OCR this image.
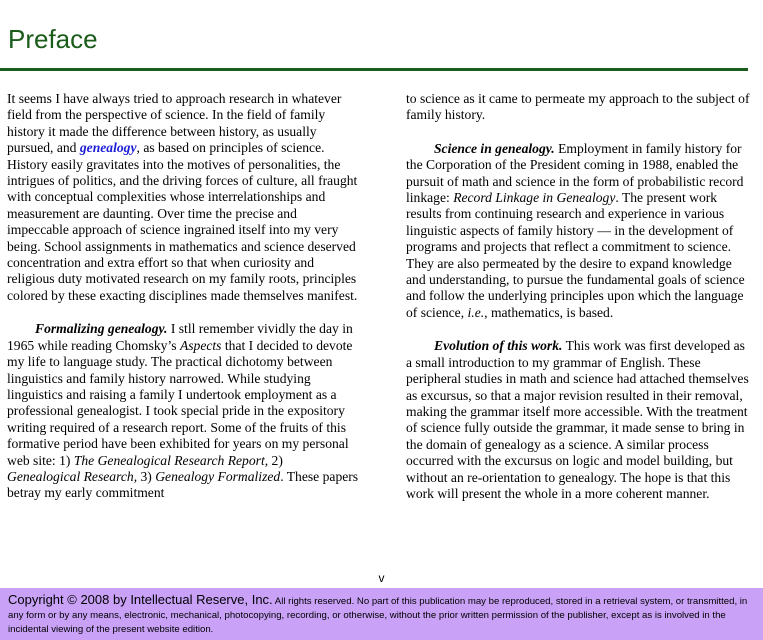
Preface

It seems I have always tried to approach research in whatever field from the perspective of science. In the field of family history it made the difference between history, as usually pursued, and genealogy, as based on principles of science. History easily gravitates into the motives of personalities, the intrigues of politics, and the driving forces of culture, all fraught with conceptual complexities whose interrelationships and measurement are daunting. Over time the precise and impeccable approach of science ingrained itself into my very being. School assignments in mathematics and science deserved concentration and extra effort so that when curiosity and religious duty motivated research on my family roots, principles colored by these exacting disciplines made themselves manifest.

Formalizing genealogy. I stll remember vividly the day in 1965 while reading Chomsky’s Aspects that I decided to devote my life to language study. The practical dichotomy between linguistics and family history narrowed. While studying linguistics and raising a family I undertook employment as a professional genealogist. I took special pride in the expository writing required of a research report. Some of the fruits of this formative period have been exhibited for years on my personal web site: 1) The Genealogical Research Report, 2) Genealogical Research, 3) Genealogy Formalized. These papers betray my early commitment

to science as it came to permeate my approach to the subject of family history.

Science in genealogy. Employment in family history for the Corporation of the President coming in 1988, enabled the pursuit of math and science in the form of probabilistic record linkage: Record Linkage in Genealogy. The present work results from continuing research and experience in various linguistic aspects of family history — in the development of programs and projects that reflect a commitment to science. They are also permeated by the desire to expand knowledge and understanding, to pursue the fundamental goals of science and follow the underlying principles upon which the language of science, i.e., mathematics, is based.

Evolution of this work. This work was first developed as a small introduction to my grammar of English. These peripheral studies in math and science had attached themselves as excursus, so that a major revision resulted in their removal, making the grammar itself more accessible. With the treatment of science fully outside the grammar, it made sense to bring in the domain of genealogy as a science. A similar process occurred with the excursus on logic and model building, but without an re-orientation to genealogy. The hope is that this work will present the whole in a more coherent manner.

v
Copyright © 2008 by Intellectual Reserve, Inc. All rights reserved. No part of this publication may be reproduced, stored in a retrieval system, or transmitted, in any form or by any means, electronic, mechanical, photocopying, recording, or otherwise, without the prior written permission of the publisher, except as is involved in the incidental viewing of the present website edition.
